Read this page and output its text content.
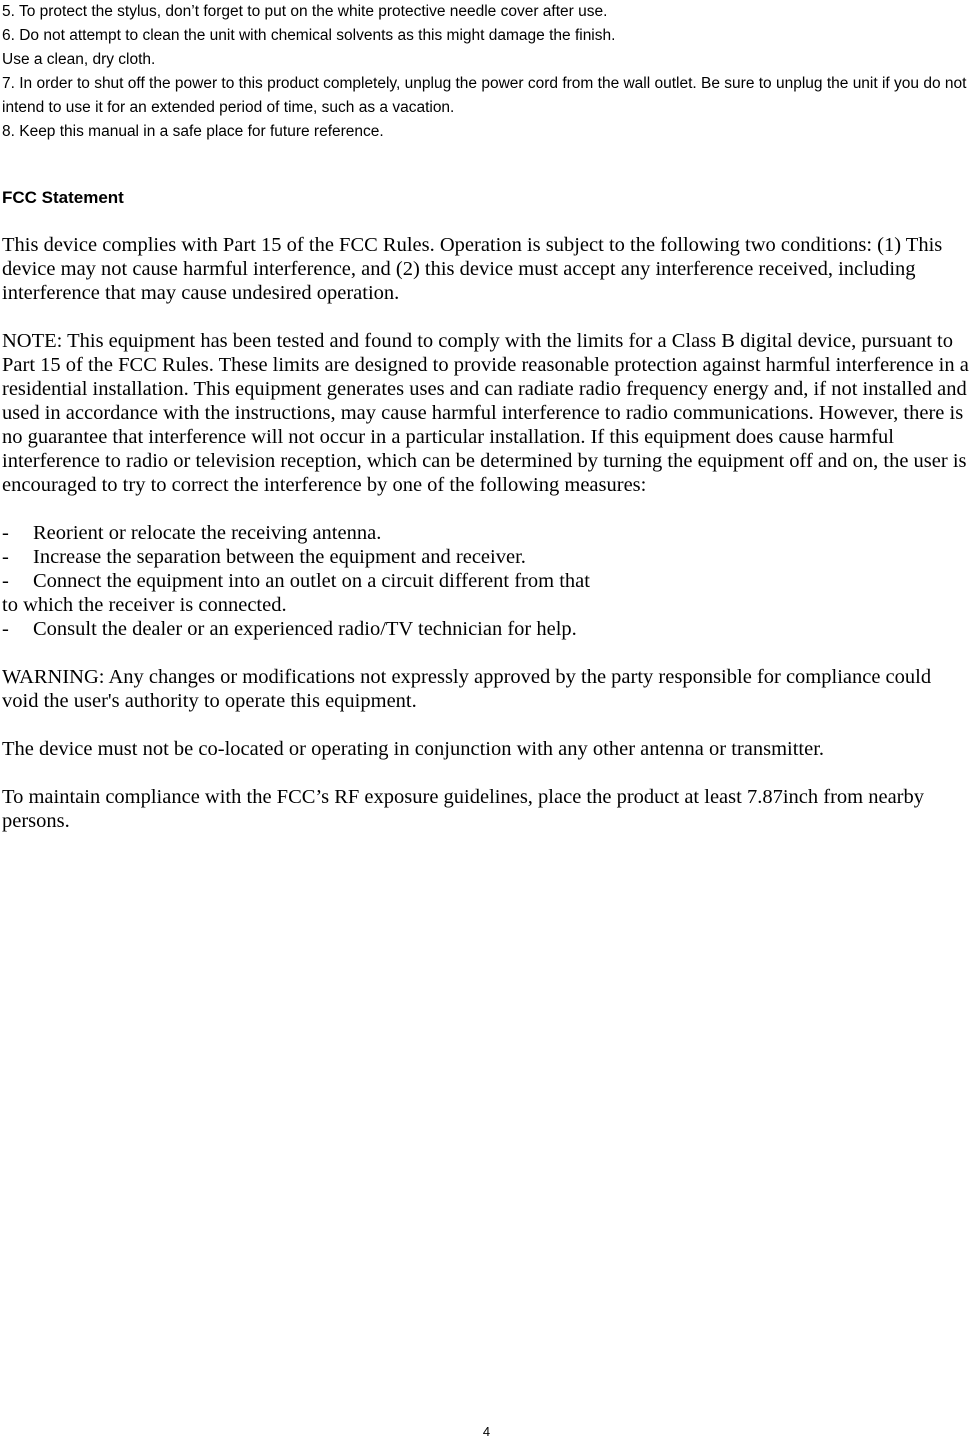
5. To protect the stylus, don’t forget to put on the white protective needle cover after use.

6. Do not attempt to clean the unit with chemical solvents as this might damage the finish.

Use a clean, dry cloth.

7. In order to shut off the power to this product completely, unplug the power cord from the wall outlet. Be sure to unplug the unit if you do not intend to use it for an extended period of time, such as a vacation.

8. Keep this manual in a safe place for future reference.

FCC Statement

This device complies with Part 15 of the FCC Rules. Operation is subject to the following two conditions: (1) This device may not cause harmful interference, and (2) this device must accept any interference received, including interference that may cause undesired operation.

NOTE: This equipment has been tested and found to comply with the limits for a Class B digital device, pursuant to Part 15 of the FCC Rules. These limits are designed to provide reasonable protection against harmful interference in a residential installation. This equipment generates uses and can radiate radio frequency energy and, if not installed and used in accordance with the instructions, may cause harmful interference to radio communications. However, there is no guarantee that interference will not occur in a particular installation. If this equipment does cause harmful interference to radio or television reception, which can be determined by turning the equipment off and on, the user is encouraged to try to correct the interference by one of the following measures:

-	Reorient or relocate the receiving antenna.
-	Increase the separation between the equipment and receiver.
-	Connect the equipment into an outlet on a circuit different from that
to which the receiver is connected.
-	Consult the dealer or an experienced radio/TV technician for help.

WARNING: Any changes or modifications not expressly approved by the party responsible for compliance could void the user's authority to operate this equipment.

The device must not be co-located or operating in conjunction with any other antenna or transmitter.

To maintain compliance with the FCC’s RF exposure guidelines, place the product at least 7.87inch from nearby persons.

4
